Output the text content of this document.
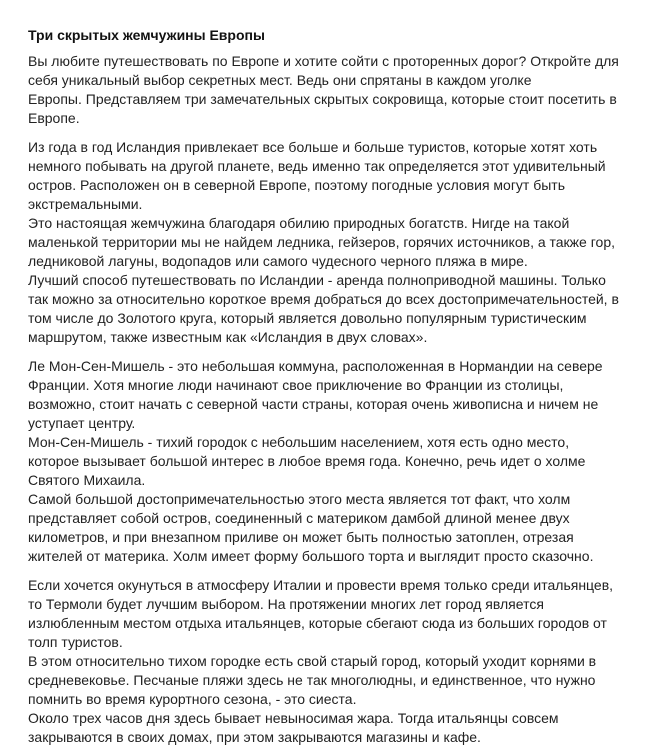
Три скрытых жемчужины Европы

Вы любите путешествовать по Европе и хотите сойти с проторенных дорог? Откройте для
себя уникальный выбор секретных мест. Ведь они спрятаны в каждом уголке
Европы. Представляем три замечательных скрытых сокровища, которые стоит посетить в
Европе.

Из года в год Исландия привлекает все больше и больше туристов, которые хотят хоть
немного побывать на другой планете, ведь именно так определяется этот удивительный
остров. Расположен он в северной Европе, поэтому погодные условия могут быть
экстремальными.

Это настоящая жемчужина благодаря обилию природных богатств. Нигде на такой
маленькой территории мы не найдем ледника, гейзеров, горячих источников, а также гор,
ледниковой лагуны, водопадов или самого чудесного черного пляжа в мире.

Лучший способ путешествовать по Исландии - аренда полноприводной машины. Только
так можно за относительно короткое время добраться до всех достопримечательностей, в
том числе до Золотого круга, который является довольно популярным туристическим
маршрутом, также известным как «Исландия в двух словах».

Ле Мон-Сен-Мишель - это небольшая коммуна, расположенная в Нормандии на севере
Франции. Хотя многие люди начинают свое приключение во Франции из столицы,
возможно, стоит начать с северной части страны, которая очень живописна и ничем не
уступает центру.

Мон-Сен-Мишель - тихий городок с небольшим населением, хотя есть одно место,
которое вызывает большой интерес в любое время года. Конечно, речь идет о холме
Святого Михаила.

Самой большой достопримечательностью этого места является тот факт, что холм
представляет собой остров, соединенный с материком дамбой длиной менее двух
километров, и при внезапном приливе он может быть полностью затоплен, отрезая
жителей от материка. Холм имеет форму большого торта и выглядит просто сказочно.

Если хочется окунуться в атмосферу Италии и провести время только среди итальянцев,
то Термоли будет лучшим выбором. На протяжении многих лет город является
излюбленным местом отдыха итальянцев, которые сбегают сюда из больших городов от
толп туристов.

В этом относительно тихом городке есть свой старый город, который уходит корнями в
средневековье. Песчаные пляжи здесь не так многолюдны, и единственное, что нужно
помнить во время курортного сезона, - это сиеста.

Около трех часов дня здесь бывает невыносимая жара. Тогда итальянцы совсем
закрываются в своих домах, при этом закрываются магазины и кафе.
